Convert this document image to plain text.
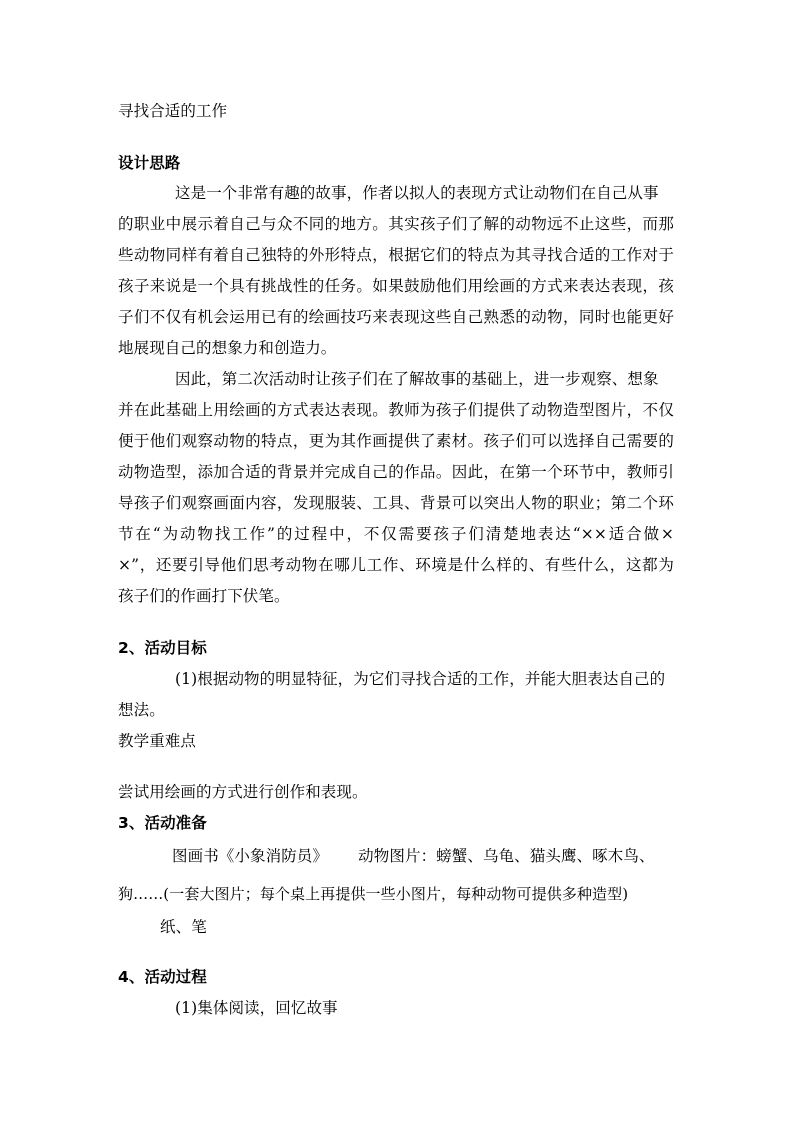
寻找合适的工作
设计思路
这是一个非常有趣的故事，作者以拟人的表现方式让动物们在自己从事
的职业中展示着自己与众不同的地方。其实孩子们了解的动物远不止这些，而那
些动物同样有着自己独特的外形特点，根据它们的特点为其寻找合适的工作对于
孩子来说是一个具有挑战性的任务。如果鼓励他们用绘画的方式来表达表现，孩
子们不仅有机会运用已有的绘画技巧来表现这些自己熟悉的动物，同时也能更好
地展现自己的想象力和创造力。
因此，第二次活动时让孩子们在了解故事的基础上，进一步观察、想象
并在此基础上用绘画的方式表达表现。教师为孩子们提供了动物造型图片，不仅
便于他们观察动物的特点，更为其作画提供了素材。孩子们可以选择自己需要的
动物造型，添加合适的背景并完成自己的作品。因此，在第一个环节中，教师引
导孩子们观察画面内容，发现服装、工具、背景可以突出人物的职业；第二个环
节在“为动物找工作”的过程中，不仅需要孩子们清楚地表达“××适合做×
×”，还要引导他们思考动物在哪儿工作、环境是什么样的、有些什么，这都为
孩子们的作画打下伏笔。
2、活动目标
(1)根据动物的明显特征，为它们寻找合适的工作，并能大胆表达自己的
想法。
教学重难点
尝试用绘画的方式进行创作和表现。
3、活动准备
图画书《小象消防员》      动物图片：螃蟹、乌龟、猫头鹰、啄木鸟、
狗……(一套大图片；每个桌上再提供一些小图片，每种动物可提供多种造型)
纸、笔
4、活动过程
(1)集体阅读，回忆故事
